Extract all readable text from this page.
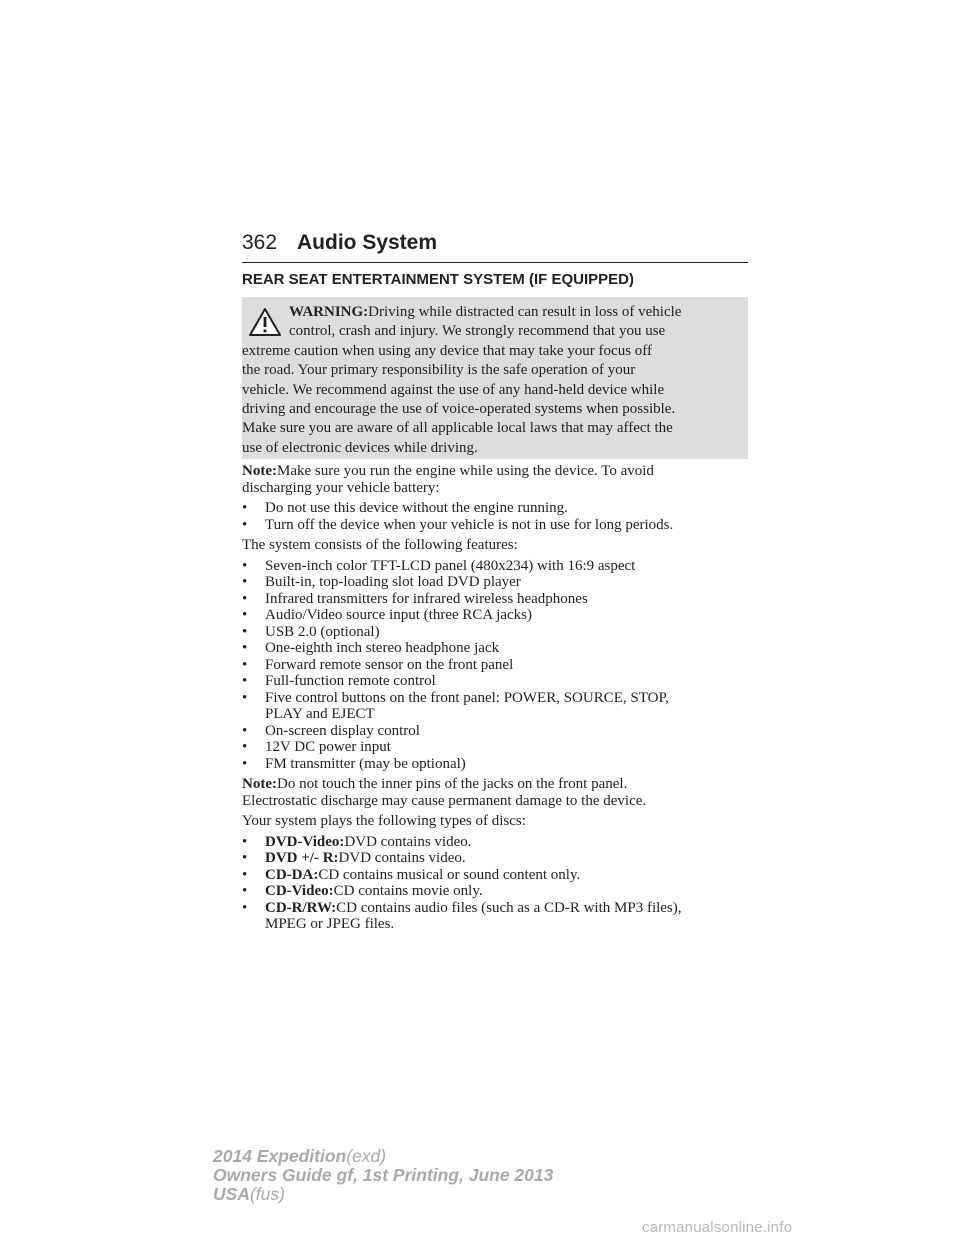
362 Audio System
REAR SEAT ENTERTAINMENT SYSTEM (IF EQUIPPED)
WARNING:Driving while distracted can result in loss of vehicle
control, crash and injury. We strongly recommend that you use
extreme caution when using any device that may take your focus off
the road. Your primary responsibility is the safe operation of your
vehicle. We recommend against the use of any hand-held device while
driving and encourage the use of voice-operated systems when possible.
Make sure you are aware of all applicable local laws that may affect the
use of electronic devices while driving.

Note:Make sure you run the engine while using the device. To avoid
discharging your vehicle battery:

• Do not use this device without the engine running.
• Turn off the device when your vehicle is not in use for long periods.

The system consists of the following features:

• Seven-inch color TFT-LCD panel (480x234) with 16:9 aspect
• Built-in, top-loading slot load DVD player
• Infrared transmitters for infrared wireless headphones
• Audio/Video source input (three RCA jacks)
• USB 2.0 (optional)
• One-eighth inch stereo headphone jack
• Forward remote sensor on the front panel
• Full-function remote control
• Five control buttons on the front panel: POWER, SOURCE, STOP,
PLAY and EJECT
• On-screen display control
• 12V DC power input
• FM transmitter (may be optional)

Note:Do not touch the inner pins of the jacks on the front panel.
Electrostatic discharge may cause permanent damage to the device.

Your system plays the following types of discs:

• DVD-Video:DVD contains video.
• DVD +/- R:DVD contains video.
• CD-DA:CD contains musical or sound content only.
• CD-Video:CD contains movie only.
• CD-R/RW:CD contains audio files (such as a CD-R with MP3 files),
MPEG or JPEG files.
2014 Expedition(exd)
Owners Guide gf, 1st Printing, June 2013
USA(fus)
carmanualsonline.info
